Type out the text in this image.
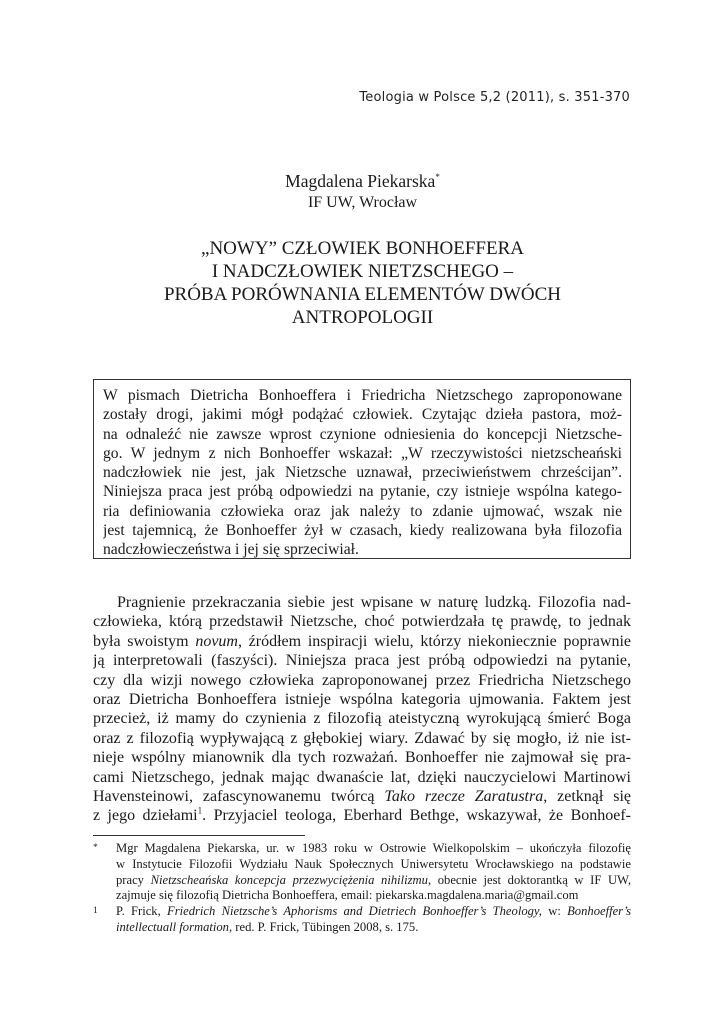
Teologia w Polsce 5,2 (2011), s. 351-370
Magdalena Piekarska*
IF UW, Wrocław
„NOWY” CZŁOWIEK BONHOEFFERA
I NADCZŁOWIEK NIETZSCHEGO –
PRÓBA PORÓWNANIA ELEMENTÓW DWÓCH
ANTROPOLOGII
W pismach Dietricha Bonhoeffera i Friedricha Nietzschego zaproponowane
zostały drogi, jakimi mógł podążać człowiek. Czytając dzieła pastora, moż-
na odnaleźć nie zawsze wprost czynione odniesienia do koncepcji Nietzsche-
go. W jednym z nich Bonhoeffer wskazał: „W rzeczywistości nietzscheański
nadczłowiek nie jest, jak Nietzsche uznawał, przeciwieństwem chrześcijan”.
Niniejsza praca jest próbą odpowiedzi na pytanie, czy istnieje wspólna katego-
ria definiowania człowieka oraz jak należy to zdanie ujmować, wszak nie
jest tajemnicą, że Bonhoeffer żył w czasach, kiedy realizowana była filozofia
nadczłowieczeństwa i jej się sprzeciwiał.
Pragnienie przekraczania siebie jest wpisane w naturę ludzką. Filozofia nad-
człowieka, którą przedstawił Nietzsche, choć potwierdzała tę prawdę, to jednak
była swoistym novum, źródłem inspiracji wielu, którzy niekoniecznie poprawnie
ją interpretowali (faszyści). Niniejsza praca jest próbą odpowiedzi na pytanie,
czy dla wizji nowego człowieka zaproponowanej przez Friedricha Nietzschego
oraz Dietricha Bonhoeffera istnieje wspólna kategoria ujmowania. Faktem jest
przecież, iż mamy do czynienia z filozofią ateistyczną wyrokującą śmierć Boga
oraz z filozofią wypływającą z głębokiej wiary. Zdawać by się mogło, iż nie ist-
nieje wspólny mianownik dla tych rozważań. Bonhoeffer nie zajmował się pra-
cami Nietzschego, jednak mając dwanaście lat, dzięki nauczycielowi Martinowi
Havensteinowi, zafascynowanemu twórcą Tako rzecze Zaratustra, zetknął się
z jego dziełami$^1$. Przyjaciel teologa, Eberhard Bethge, wskazywał, że Bonhoef-
* Mgr Magdalena Piekarska, ur. w 1983 roku w Ostrowie Wielkopolskim – ukończyła filozofię
w Instytucie Filozofii Wydziału Nauk Społecznych Uniwersytetu Wrocławskiego na podstawie
pracy Nietzscheańska koncepcja przezwyciężenia nihilizmu, obecnie jest doktorantką w IF UW,
zajmuje się filozofią Dietricha Bonhoeffera, email: piekarska.magdalena.maria@gmail.com
1 P. Frick, Friedrich Nietzsche’s Aphorisms and Dietriech Bonhoeffer’s Theology, w: Bonhoeffer’s
intellectuall formation, red. P. Frick, Tübingen 2008, s. 175.
